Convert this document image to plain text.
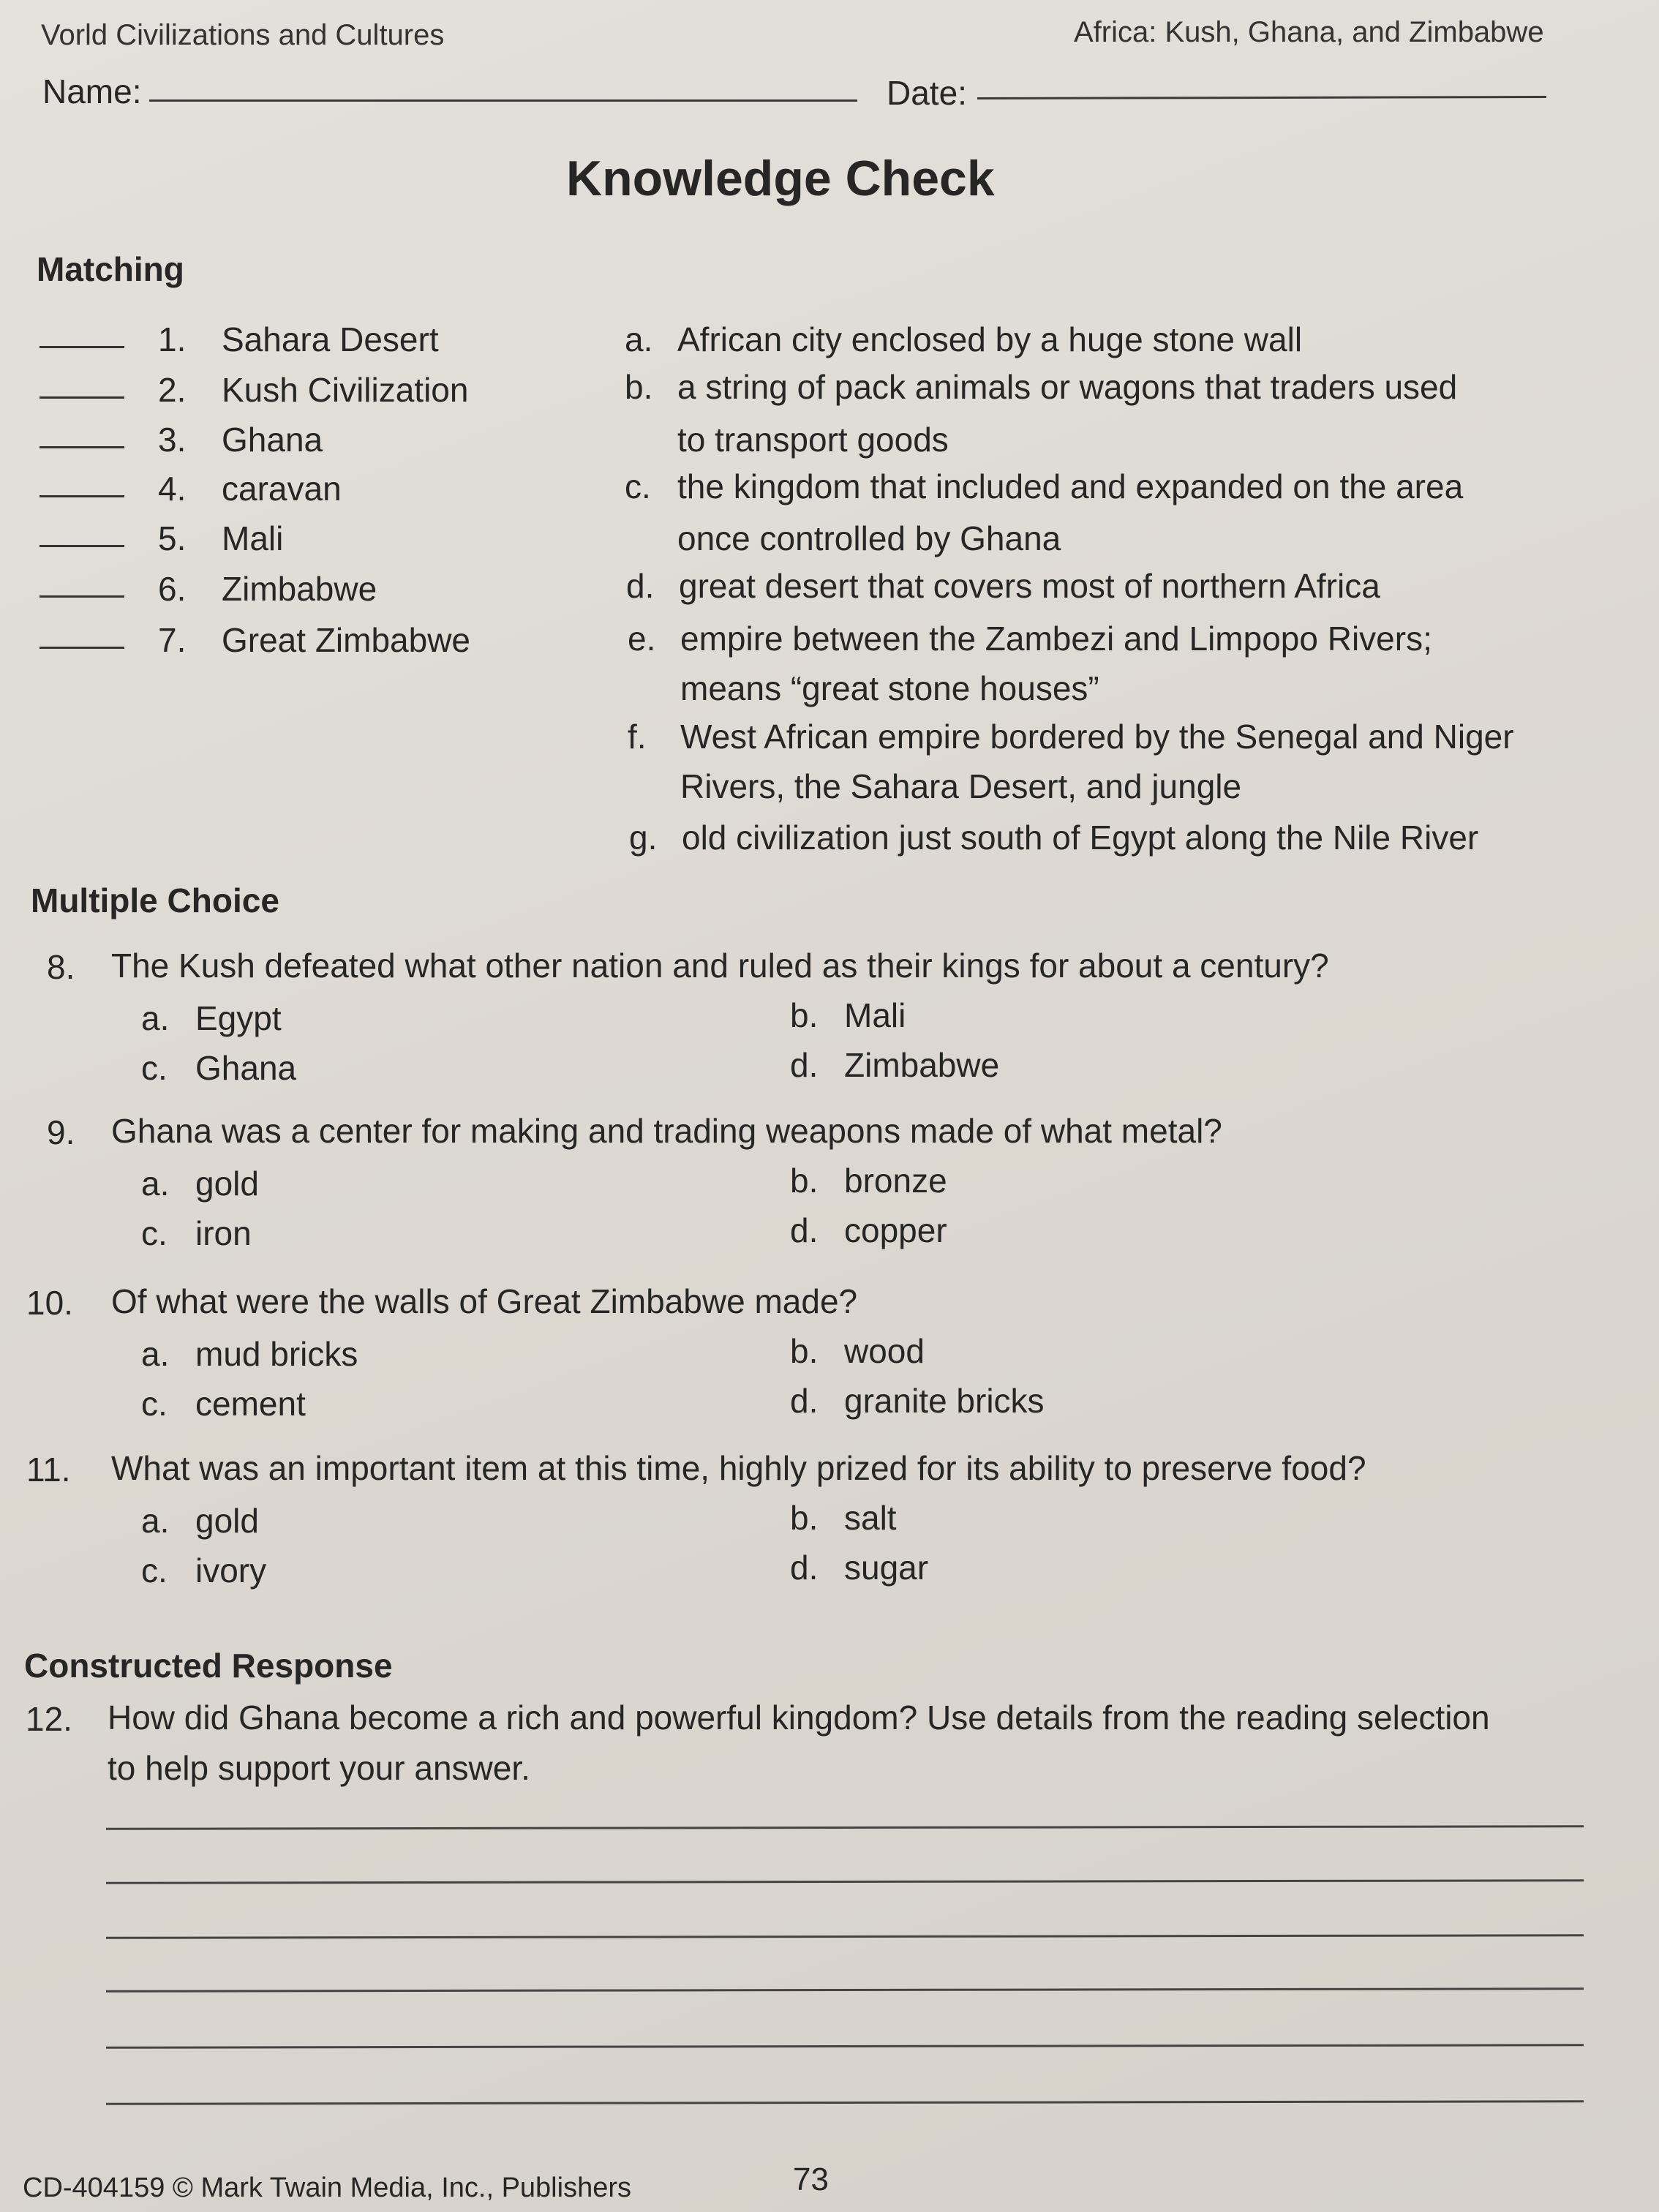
Vorld Civilizations and Cultures	Africa: Kush, Ghana, and Zimbabwe
Name:	Date:
Knowledge Check
Matching
1. Sahara Desert
2. Kush Civilization
3. Ghana
4. caravan
5. Mali
6. Zimbabwe
7. Great Zimbabwe
a. African city enclosed by a huge stone wall
b. a string of pack animals or wagons that traders used
to transport goods
c. the kingdom that included and expanded on the area
once controlled by Ghana
d. great desert that covers most of northern Africa
e. empire between the Zambezi and Limpopo Rivers;
means “great stone houses”
f. West African empire bordered by the Senegal and Niger
Rivers, the Sahara Desert, and jungle
g. old civilization just south of Egypt along the Nile River
Multiple Choice
8. The Kush defeated what other nation and ruled as their kings for about a century?
a. Egypt	b. Mali
c. Ghana	d. Zimbabwe
9. Ghana was a center for making and trading weapons made of what metal?
a. gold	b. bronze
c. iron	d. copper
10. Of what were the walls of Great Zimbabwe made?
a. mud bricks	b. wood
c. cement	d. granite bricks
11. What was an important item at this time, highly prized for its ability to preserve food?
a. gold	b. salt
c. ivory	d. sugar
Constructed Response
12. How did Ghana become a rich and powerful kingdom? Use details from the reading selection
to help support your answer.
CD-404159 © Mark Twain Media, Inc., Publishers	73
